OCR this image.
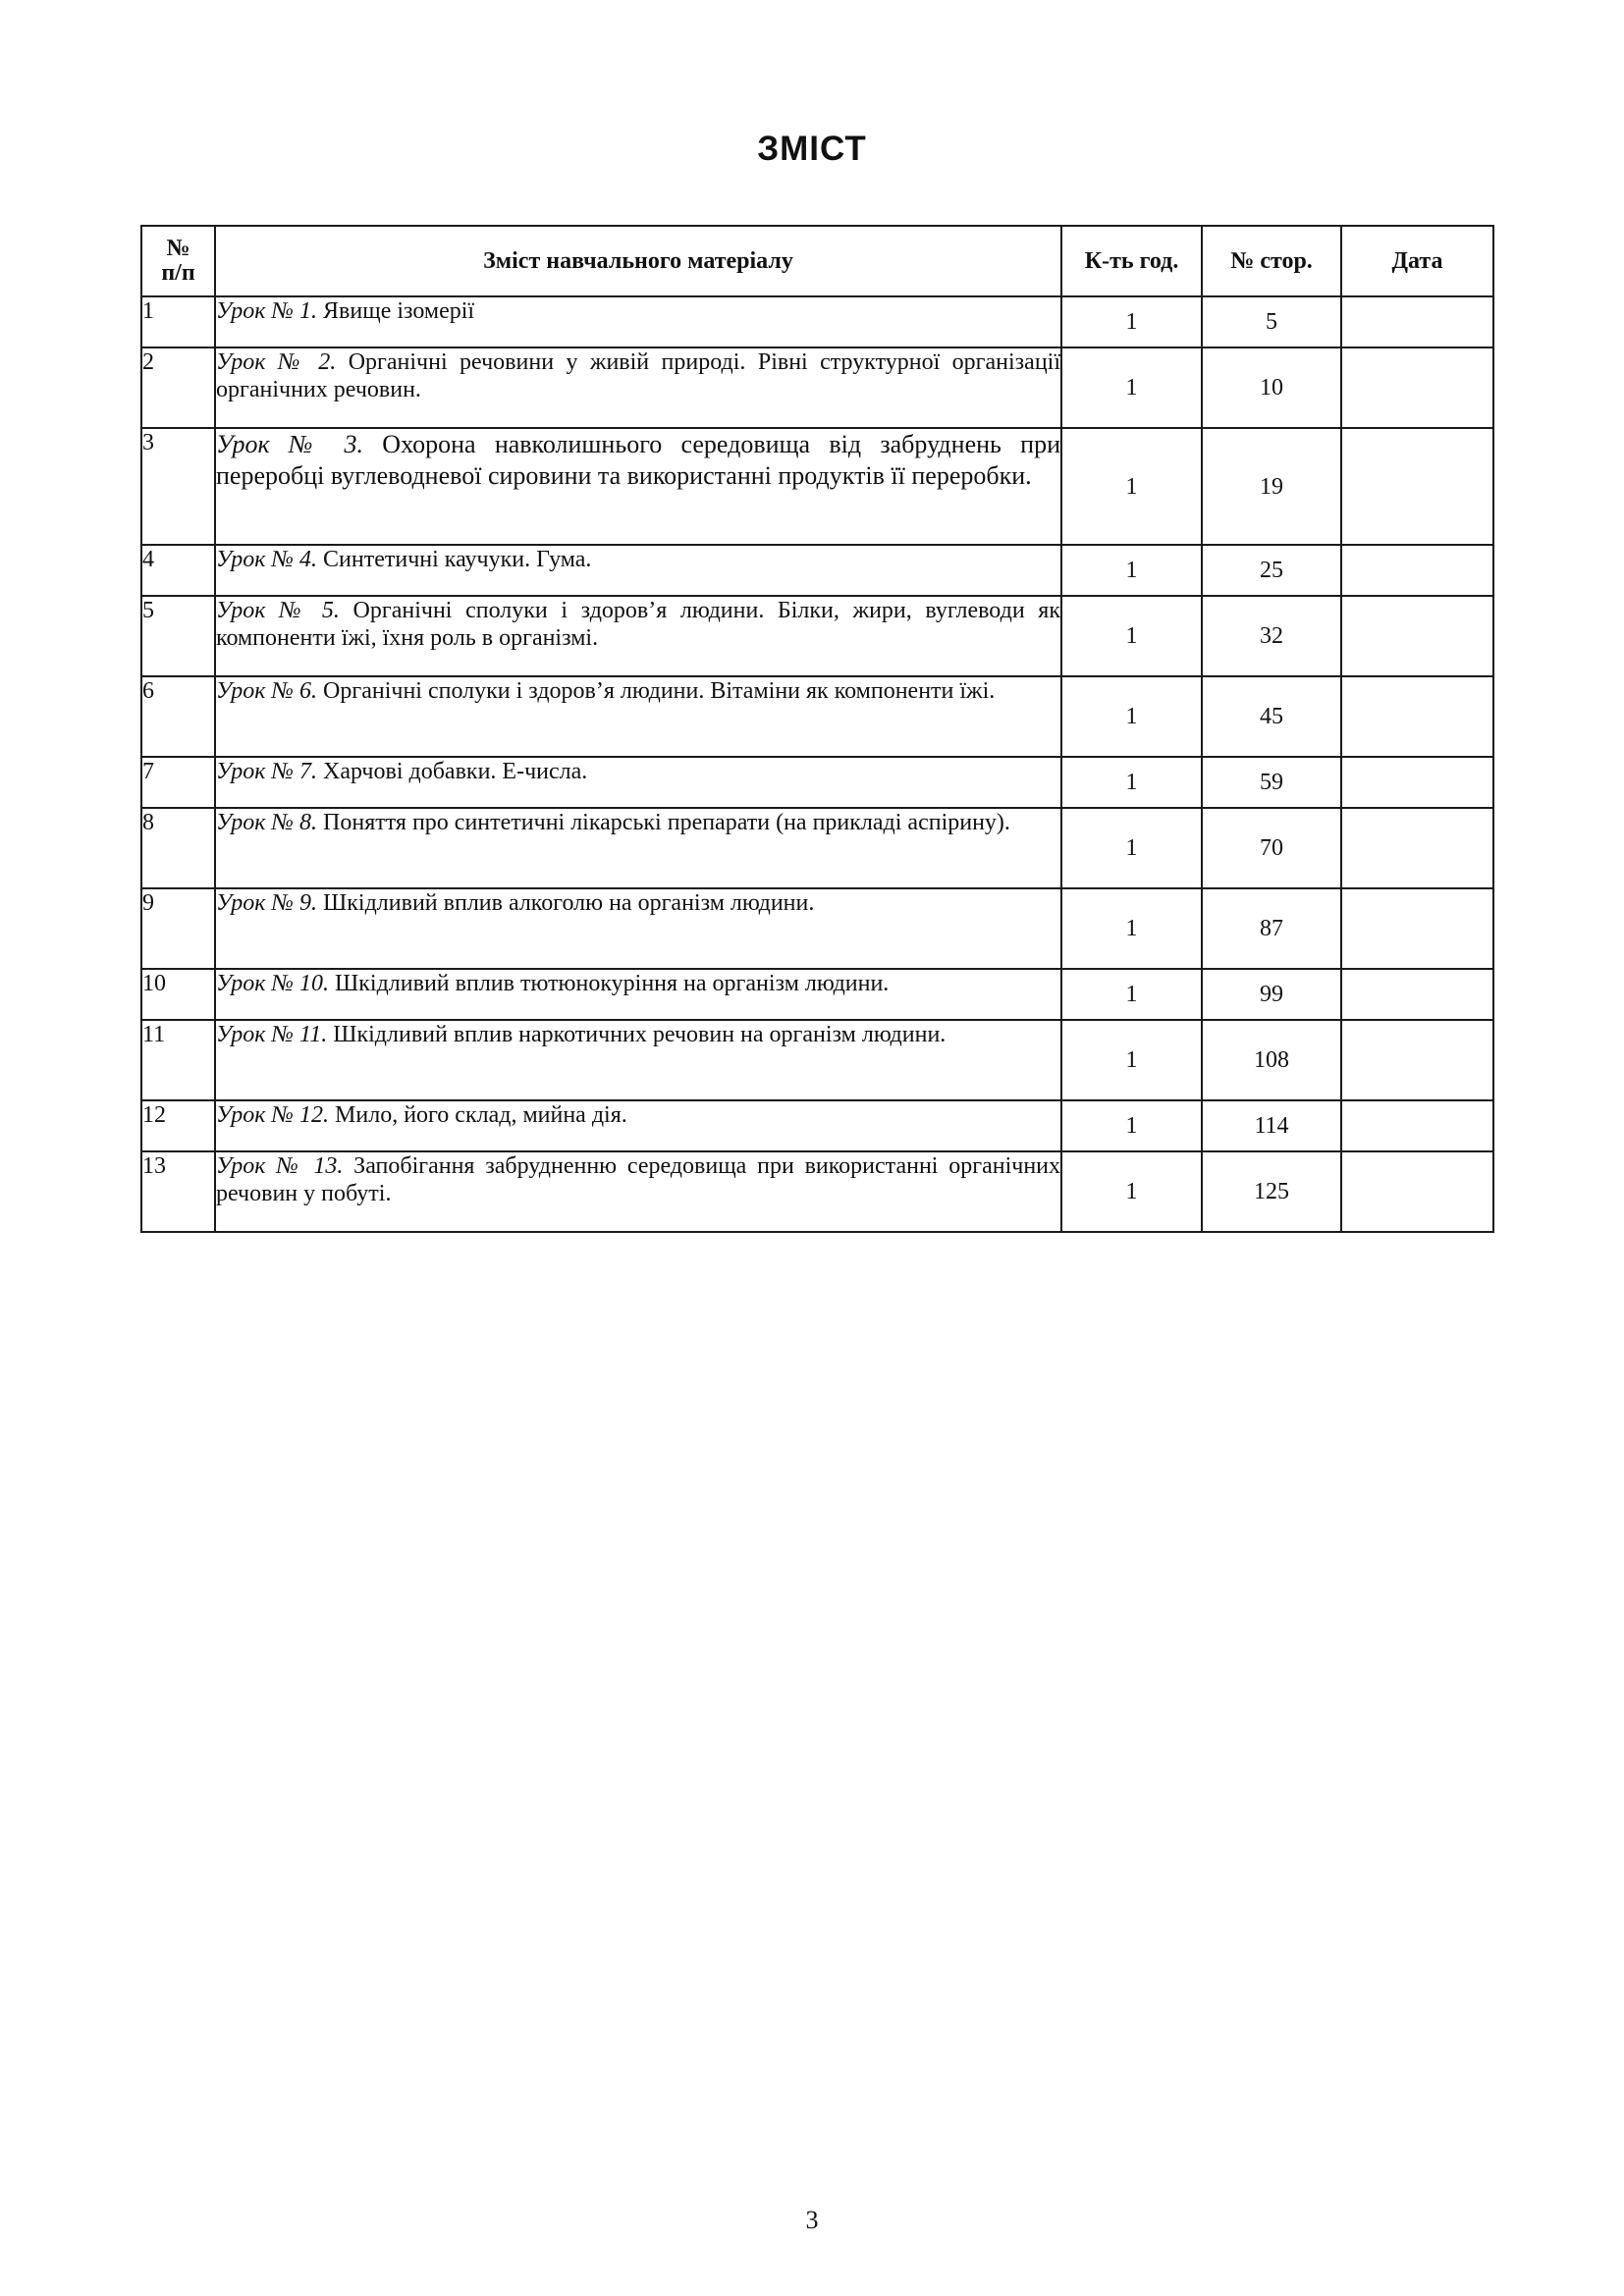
ЗМІСТ
№
п/п	Зміст навчального матеріалу	К-ть год.	№ стор.	Дата
1	Урок № 1. Явище ізомерії	1	5	
2	Урок № 2. Органічні речовини у живій природі. Рівні структурної організації органічних речовин.	1	10	
3	Урок № 3. Охорона навколишнього середовища від забруднень при переробці вуглеводневої сировини та використанні продуктів її переробки.	1	19	
4	Урок № 4. Синтетичні каучуки. Гума.	1	25	
5	Урок № 5. Органічні сполуки і здоров’я людини. Білки, жири, вуглеводи як компоненти їжі, їхня роль в організмі.	1	32	
6	Урок № 6. Органічні сполуки і здоров’я людини. Вітаміни як компоненти їжі.	1	45	
7	Урок № 7. Харчові добавки. Е-числа.	1	59	
8	Урок № 8. Поняття про синтетичні лікарські препарати (на прикладі аспірину).	1	70	
9	Урок № 9. Шкідливий вплив алкоголю на організм людини.	1	87	
10	Урок № 10. Шкідливий вплив тютюнокуріння на організм людини.	1	99	
11	Урок № 11. Шкідливий вплив наркотичних речовин на організм людини.	1	108	
12	Урок № 12. Мило, його склад, мийна дія.	1	114	
13	Урок № 13. Запобігання забрудненню середовища при використанні органічних речовин у побуті.	1	125	
3
